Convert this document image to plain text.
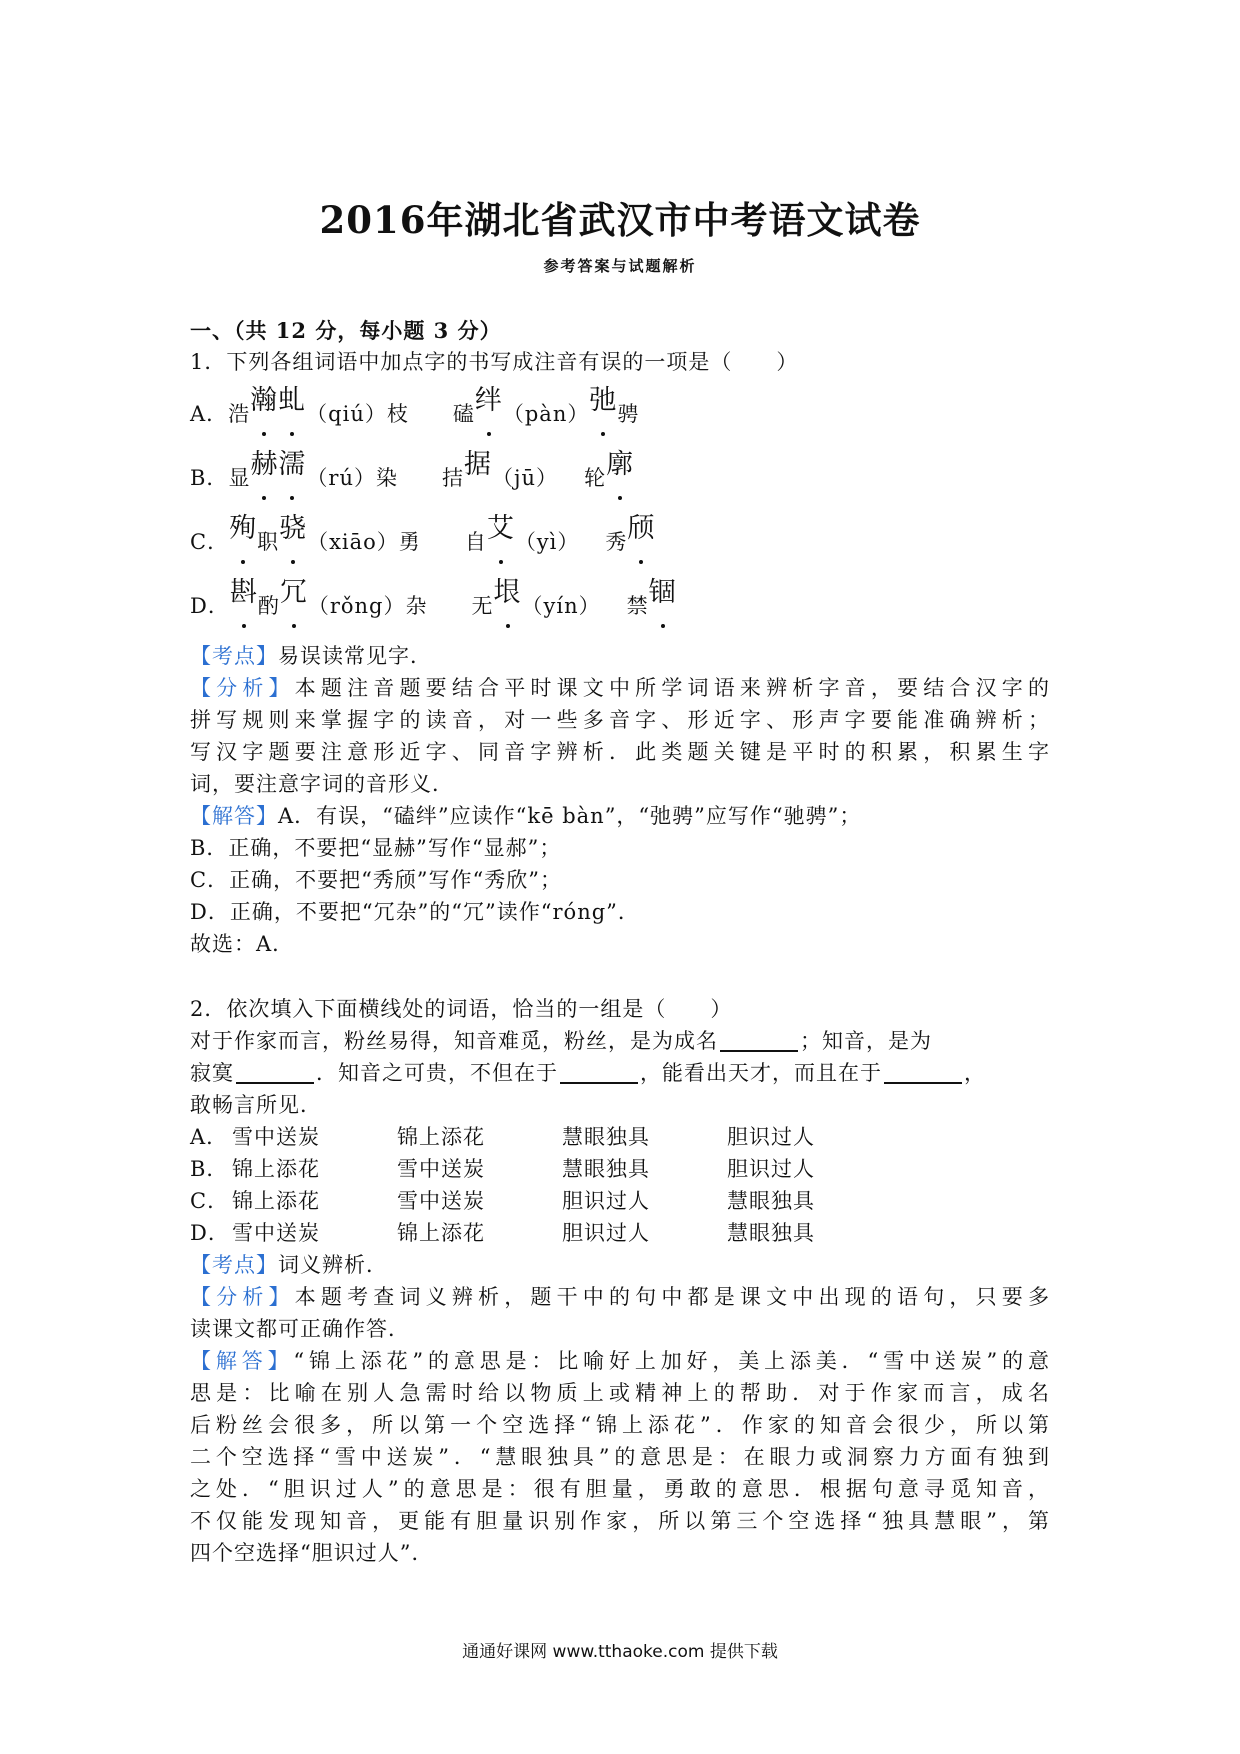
2016年湖北省武汉市中考语文试卷
参考答案与试题解析
一、（共 12 分，每小题 3 分）
1．下列各组词语中加点字的书写成注音有误的一项是（　　）
A．浩瀚虬（qiú）枝 磕绊（pàn）弛骋
B．显赫濡（rú）染 拮据（jū） 轮廓
C．殉职骁（xiāo）勇 自艾（yì） 秀颀
D．斟酌冗（rǒng）杂 无垠（yín） 禁锢
【考点】易误读常见字．
【分析】本题注音题要结合平时课文中所学词语来辨析字音，要结合汉字的
拼写规则来掌握字的读音，对一些多音字、形近字、形声字要能准确辨析；
写汉字题要注意形近字、同音字辨析．此类题关键是平时的积累，积累生字
词，要注意字词的音形义．
【解答】A．有误，“磕绊”应读作“kē bàn”，“弛骋”应写作“驰骋”；
B．正确，不要把“显赫”写作“显郝”；
C．正确，不要把“秀颀”写作“秀欣”；
D．正确，不要把“冗杂”的“冗”读作“róng”．
故选：A．
2．依次填入下面横线处的词语，恰当的一组是（　　）
对于作家而言，粉丝易得，知音难觅，粉丝，是为成名	；知音，是为
寂寞	．知音之可贵，不但在于	，能看出天才，而且在于	，
敢畅言所见．
A． 雪中送炭	锦上添花	慧眼独具	胆识过人
B． 锦上添花	雪中送炭	慧眼独具	胆识过人
C． 锦上添花	雪中送炭	胆识过人	慧眼独具
D． 雪中送炭	锦上添花	胆识过人	慧眼独具
【考点】词义辨析．
【分析】本题考查词义辨析，题干中的句中都是课文中出现的语句，只要多
读课文都可正确作答．
【解答】“锦上添花”的意思是：比喻好上加好，美上添美．“雪中送炭”的意
思是：比喻在别人急需时给以物质上或精神上的帮助．对于作家而言，成名
后粉丝会很多，所以第一个空选择“锦上添花”．作家的知音会很少，所以第
二个空选择“雪中送炭”．“慧眼独具”的意思是：在眼力或洞察力方面有独到
之处．“胆识过人”的意思是：很有胆量，勇敢的意思．根据句意寻觅知音，
不仅能发现知音，更能有胆量识别作家，所以第三个空选择“独具慧眼”，第
四个空选择“胆识过人”．
通通好课网 www.tthaoke.com 提供下载
